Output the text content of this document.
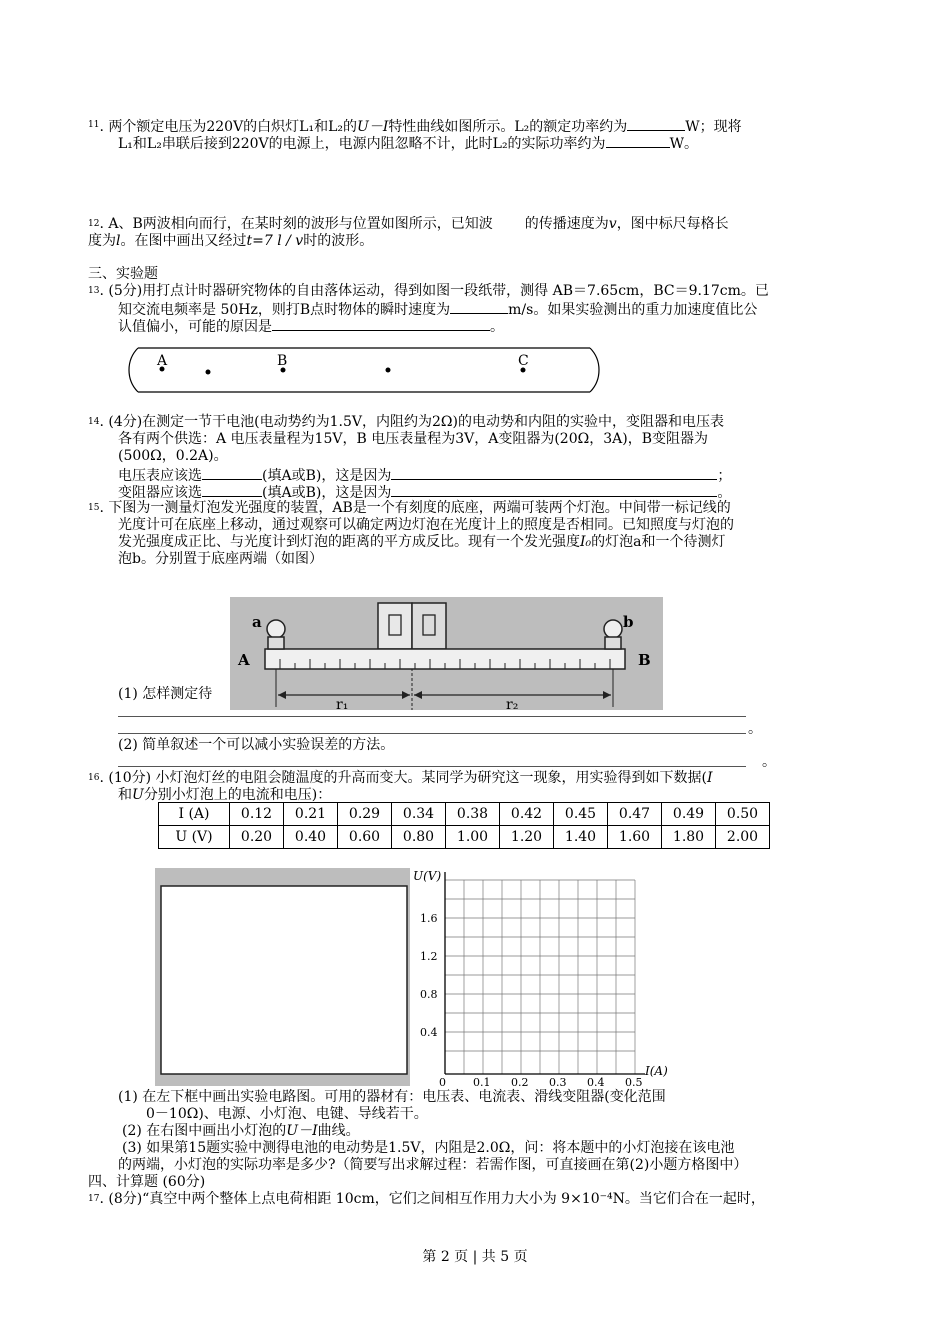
$^{11}$. 两个额定电压为220V的白炽灯L₁和L₂的U－I特性曲线如图所示。L₂的额定功率约为	W；现将
L₁和L₂串联后接到220V的电源上，电源内阻忽略不计，此时L₂的实际功率约为	W。
$^{12}$. A、B两波相向而行，在某时刻的波形与位置如图所示，已知波 的传播速度为v，图中标尺每格长
度为l。在图中画出又经过t=7 l / v时的波形。
三、实验题
$^{13}$. (5分)用打点计时器研究物体的自由落体运动，得到如图一段纸带，测得 AB＝7.65cm，BC＝9.17cm。已
知交流电频率是 50Hz，则打B点时物体的瞬时速度为	m/s。如果实验测出的重力加速度值比公
认值偏小，可能的原因是	。
A	B	C
$^{14}$. (4分)在测定一节干电池(电动势约为1.5V，内阻约为2Ω)的电动势和内阻的实验中，变阻器和电压表
各有两个供选：A 电压表量程为15V，B 电压表量程为3V，A变阻器为(20Ω，3A)，B变阻器为
(500Ω，0.2A)。
电压表应该选	(填A或B)，这是因为	；
变阻器应该选	(填A或B)，这是因为	。
$^{15}$. 下图为一测量灯泡发光强度的装置，AB是一个有刻度的底座，两端可装两个灯泡。中间带一标记线的
光度计可在底座上移动，通过观察可以确定两边灯泡在光度计上的照度是否相同。已知照度与灯泡的
发光强度成正比、与光度计到灯泡的距离的平方成反比。现有一个发光强度I₀的灯泡a和一个待测灯
泡b。分别置于底座两端（如图）
(1) 怎样测定待
a	b
A	B
r₁	r₂
。
(2) 简单叙述一个可以减小实验误差的方法。
。
$^{16}$. (10分) 小灯泡灯丝的电阻会随温度的升高而变大。某同学为研究这一现象，用实验得到如下数据(I
和U分别小灯泡上的电流和电压)：
I (A)	0.12	0.21	0.29	0.34	0.38	0.42	0.45	0.47	0.49	0.50
U (V)	0.20	0.40	0.60	0.80	1.00	1.20	1.40	1.60	1.80	2.00
U(V)
I(A)
1.6
1.2
0.8
0.4
0 0.1 0.2 0.3 0.4 0.5
(1) 在左下框中画出实验电路图。可用的器材有：电压表、电流表、滑线变阻器(变化范围
0－10Ω)、电源、小灯泡、电键、导线若干。
(2) 在右图中画出小灯泡的U－I曲线。
(3) 如果第15题实验中测得电池的电动势是1.5V，内阻是2.0Ω，问：将本题中的小灯泡接在该电池
的两端，小灯泡的实际功率是多少?（简要写出求解过程：若需作图，可直接画在第(2)小题方格图中）
四、计算题 (60分)
$^{17}$. (8分)“真空中两个整体上点电荷相距 10cm，它们之间相互作用力大小为 9×10⁻⁴N。当它们合在一起时，
第 2 页 | 共 5 页
